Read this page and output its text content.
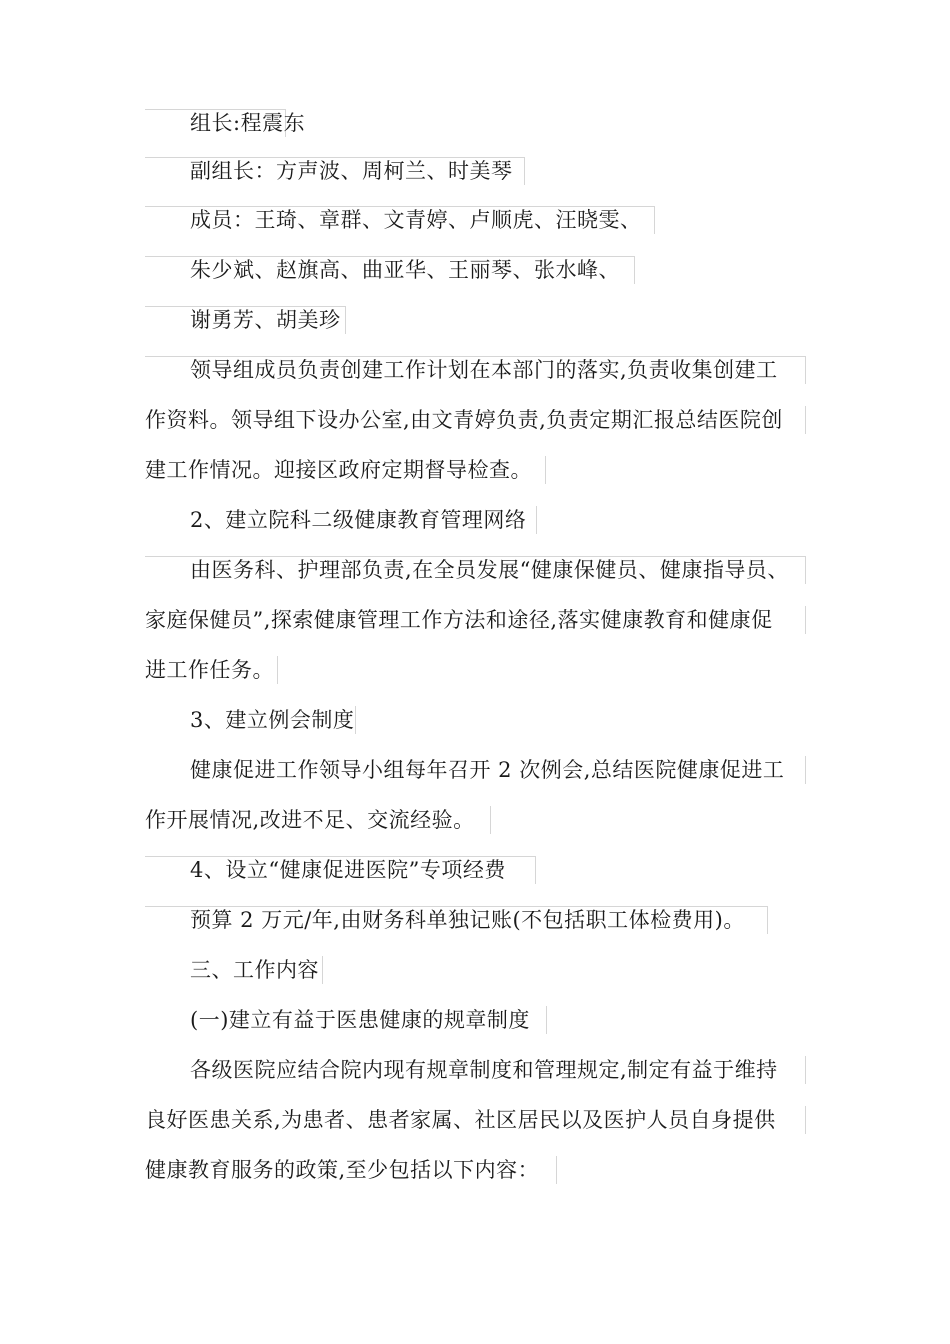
组长:程震东
副组长：方声波、周柯兰、时美琴
成员：王琦、章群、文青婷、卢顺虎、汪晓雯、
朱少斌、赵旗高、曲亚华、王丽琴、张水峰、
谢勇芳、胡美珍
领导组成员负责创建工作计划在本部门的落实,负责收集创建工
作资料。领导组下设办公室,由文青婷负责,负责定期汇报总结医院创
建工作情况。迎接区政府定期督导检查。
2、建立院科二级健康教育管理网络
由医务科、护理部负责,在全员发展“健康保健员、健康指导员、
家庭保健员”,探索健康管理工作方法和途径,落实健康教育和健康促
进工作任务。
3、建立例会制度
健康促进工作领导小组每年召开 2 次例会,总结医院健康促进工
作开展情况,改进不足、交流经验。
4、设立“健康促进医院”专项经费
预算 2 万元/年,由财务科单独记账(不包括职工体检费用)。
三、工作内容
(一)建立有益于医患健康的规章制度
各级医院应结合院内现有规章制度和管理规定,制定有益于维持
良好医患关系,为患者、患者家属、社区居民以及医护人员自身提供
健康教育服务的政策,至少包括以下内容：
